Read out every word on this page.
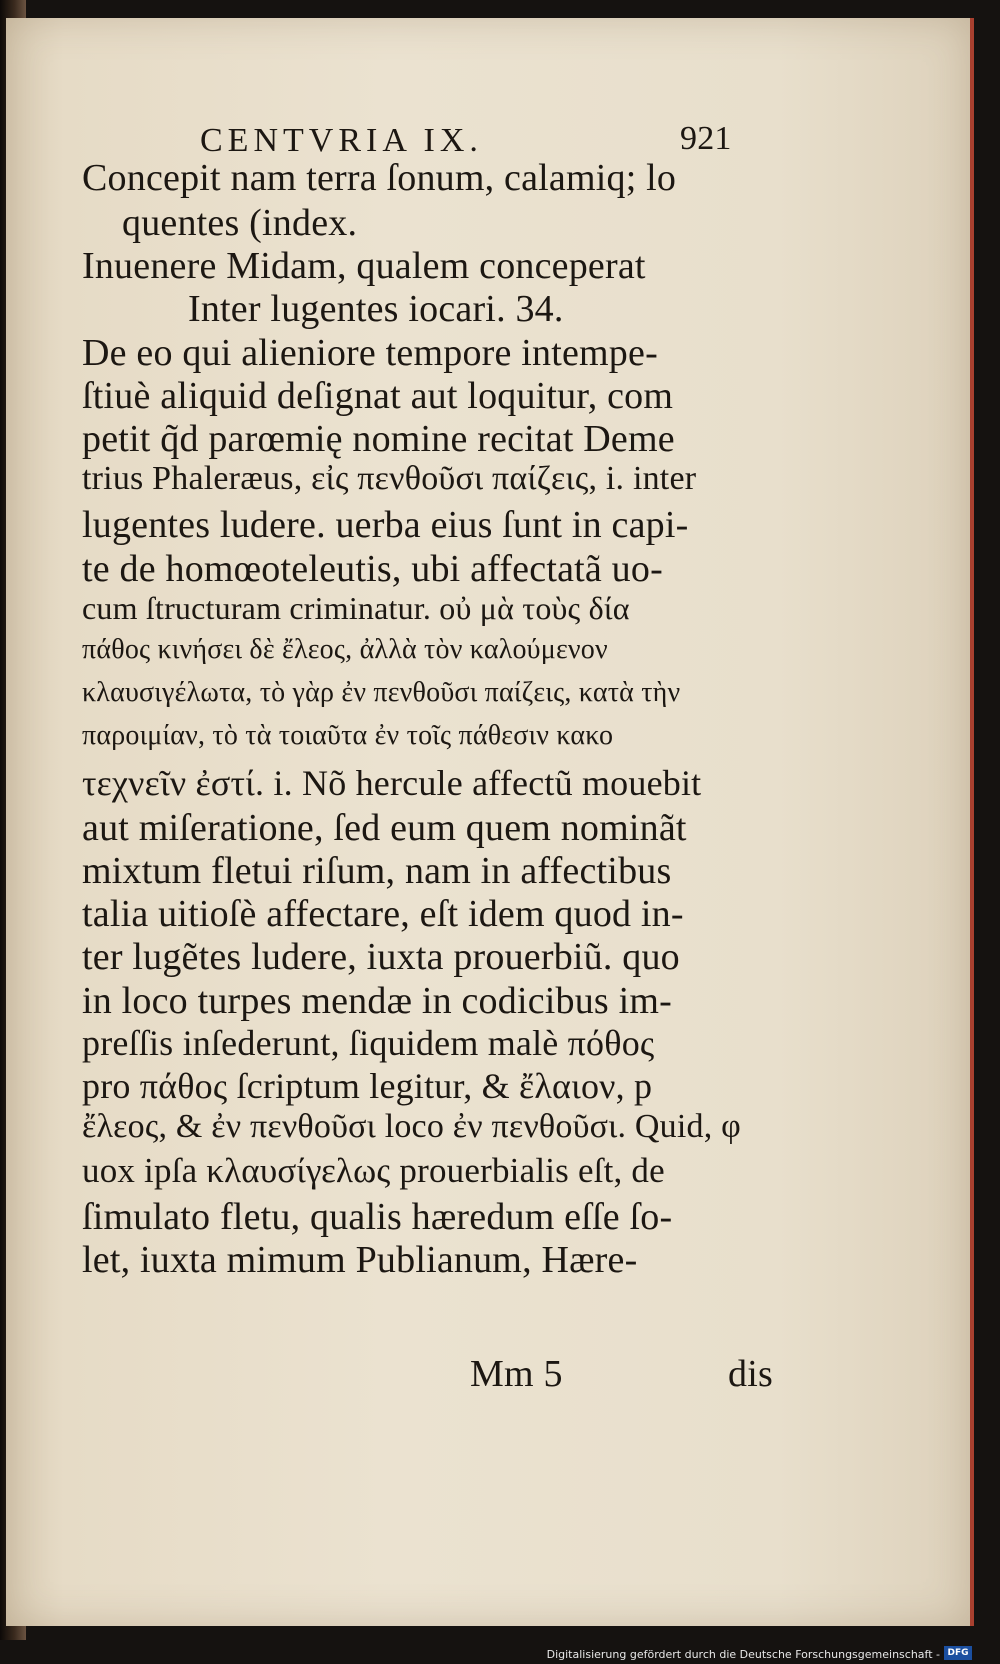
CENTVRIA IX.	921
Concepit nam terra ſonum, calamiq; lo
quentes (index.
Inuenere Midam, qualem conceperat
Inter lugentes iocari. 34.
De eo qui alieniore tempore intempe-
ſtiuè aliquid deſignat aut loquitur, com
petit q̃d parœmię nomine recitat Deme
trius Phaleræus, εἰς πενθοῦσι παίζεις, i. inter
lugentes ludere. uerba eius ſunt in capi-
te de homœoteleutis, ubi affectatã uo-
cum ſtructuram criminatur. οὐ μὰ τοὺς δία
πάθος κινήσει δὲ ἔλεος, ἀλλὰ τὸν καλούμενον
κλαυσιγέλωτα, τὸ γὰρ ἐν πενθοῦσι παίζεις, κατὰ τὴν
παροιμίαν, τὸ τὰ τοιαῦτα ἐν τοῖς πάθεσιν κακο
τεχνεῖν ἐστί. i. Nõ hercule affectũ mouebit
aut miſeratione, ſed eum quem nominãt
mixtum fletui riſum, nam in affectibus
talia uitioſè affectare, eſt idem quod in-
ter lugẽtes ludere, iuxta prouerbiũ. quo
in loco turpes mendæ in codicibus im-
preſſis inſederunt, ſiquidem malè πόθος
pro πάθος ſcriptum legitur, & ἔλαιον, p
ἔλεος, & ἐν πενθοῦσι loco ἐν πενθοῦσι. Quid, φ
uox ipſa κλαυσίγελως prouerbialis eſt, de
ſimulato fletu, qualis hæredum eſſe ſo-
let, iuxta mimum Publianum, Hære-
Mm 5	dis
Digitalisierung gefördert durch die Deutsche Forschungsgemeinschaft - DFG
